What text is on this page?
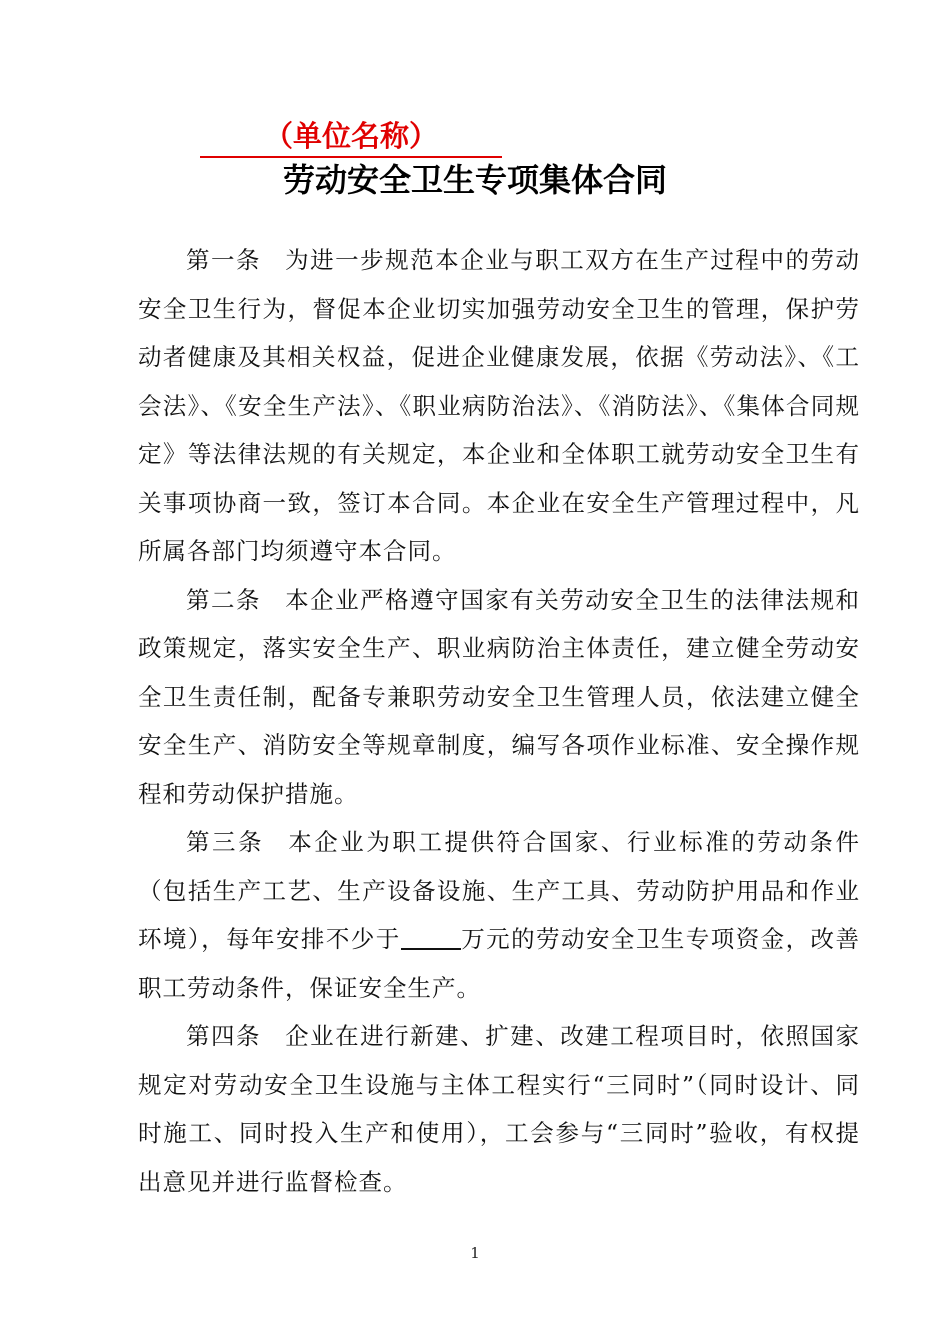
（单位名称）
劳动安全卫生专项集体合同

第一条 为进一步规范本企业与职工双方在生产过程中的劳动安全卫生行为，督促本企业切实加强劳动安全卫生的管理，保护劳动者健康及其相关权益，促进企业健康发展，依据《劳动法》、《工会法》、《安全生产法》、《职业病防治法》、《消防法》、《集体合同规定》等法律法规的有关规定，本企业和全体职工就劳动安全卫生有关事项协商一致，签订本合同。本企业在安全生产管理过程中，凡所属各部门均须遵守本合同。

第二条 本企业严格遵守国家有关劳动安全卫生的法律法规和政策规定，落实安全生产、职业病防治主体责任，建立健全劳动安全卫生责任制，配备专兼职劳动安全卫生管理人员，依法建立健全安全生产、消防安全等规章制度，编写各项作业标准、安全操作规程和劳动保护措施。

第三条 本企业为职工提供符合国家、行业标准的劳动条件（包括生产工艺、生产设备设施、生产工具、劳动防护用品和作业环境），每年安排不少于	万元的劳动安全卫生专项资金，改善职工劳动条件，保证安全生产。

第四条 企业在进行新建、扩建、改建工程项目时，依照国家规定对劳动安全卫生设施与主体工程实行“三同时”（同时设计、同时施工、同时投入生产和使用），工会参与“三同时”验收，有权提出意见并进行监督检查。

1
